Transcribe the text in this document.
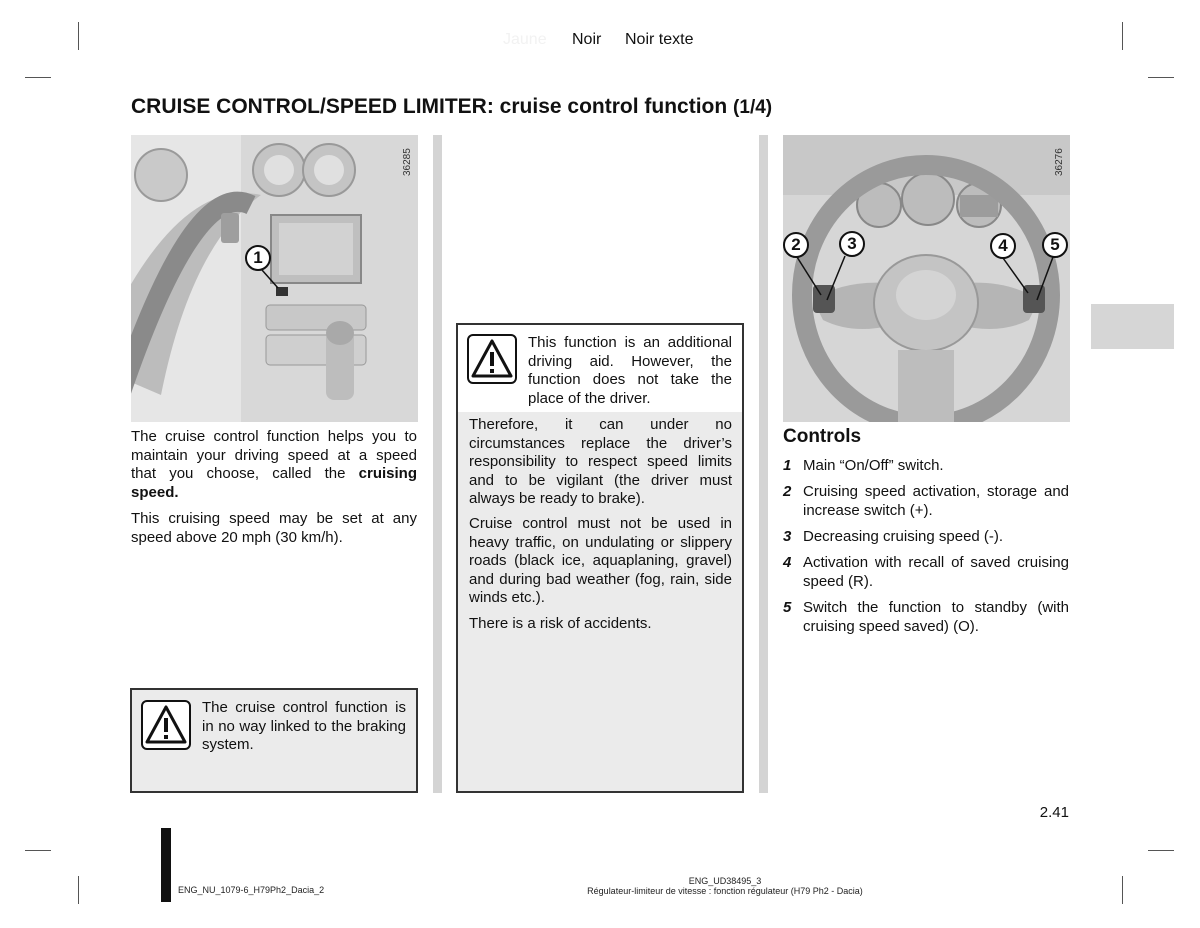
Jaune Noir Noir texte
CRUISE CONTROL/SPEED LIMITER: cruise control function (1/4)
1
36285
The cruise control function helps you to maintain your driving speed at a speed that you choose, called the cruising speed.
This cruising speed may be set at any speed above 20 mph (30 km/h).
The cruise control function is in no way linked to the braking system.
This function is an additional driving aid. However, the function does not take the place of the driver.
Therefore, it can under no circumstances replace the driver’s responsibility to respect speed limits and to be vigilant (the driver must always be ready to brake).
Cruise control must not be used in heavy traffic, on undulating or slippery roads (black ice, aquaplaning, gravel) and during bad weather (fog, rain, side winds etc.).
There is a risk of accidents.
2	3	4	5
36276
Controls
1 Main “On/Off” switch.
2 Cruising speed activation, storage and increase switch (+).
3 Decreasing cruising speed (-).
4 Activation with recall of saved cruising speed (R).
5 Switch the function to standby (with cruising speed saved) (O).
2.41
ENG_NU_1079-6_H79Ph2_Dacia_2
ENG_UD38495_3
Régulateur-limiteur de vitesse : fonction régulateur (H79 Ph2 - Dacia)
